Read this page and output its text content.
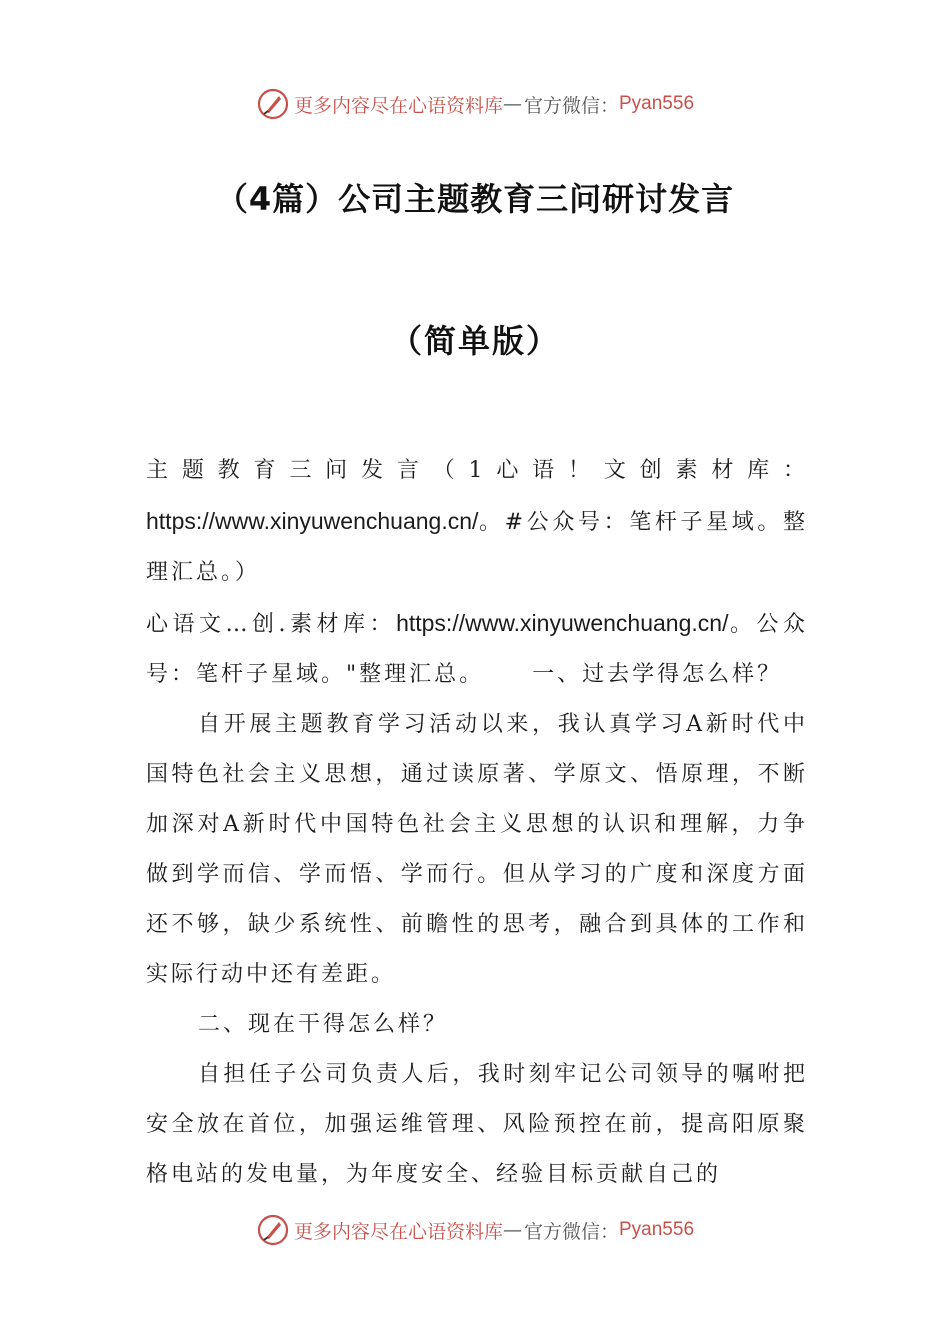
更多内容尽在心语资料库 — 官方微信： Pyan556
（4篇）公司主题教育三问研讨发言
（简单版）

主题教育三问发言（1心语！文创素材库：https://www.xinyuwenchuang.cn/。#公众号：笔杆子星域。整理汇总。）

心语文…创.素材库：https://www.xinyuwenchuang.cn/。公众号：笔杆子星域。"整理汇总。 一、过去学得怎么样？

自开展主题教育学习活动以来，我认真学习A新时代中国特色社会主义思想，通过读原著、学原文、悟原理，不断加深对A新时代中国特色社会主义思想的认识和理解，力争做到学而信、学而悟、学而行。但从学习的广度和深度方面还不够，缺少系统性、前瞻性的思考，融合到具体的工作和实际行动中还有差距。

二、现在干得怎么样？

自担任子公司负责人后，我时刻牢记公司领导的嘱咐把安全放在首位，加强运维管理、风险预控在前，提高阳原聚格电站的发电量，为年度安全、经验目标贡献自己的

更多内容尽在心语资料库 — 官方微信： Pyan556
